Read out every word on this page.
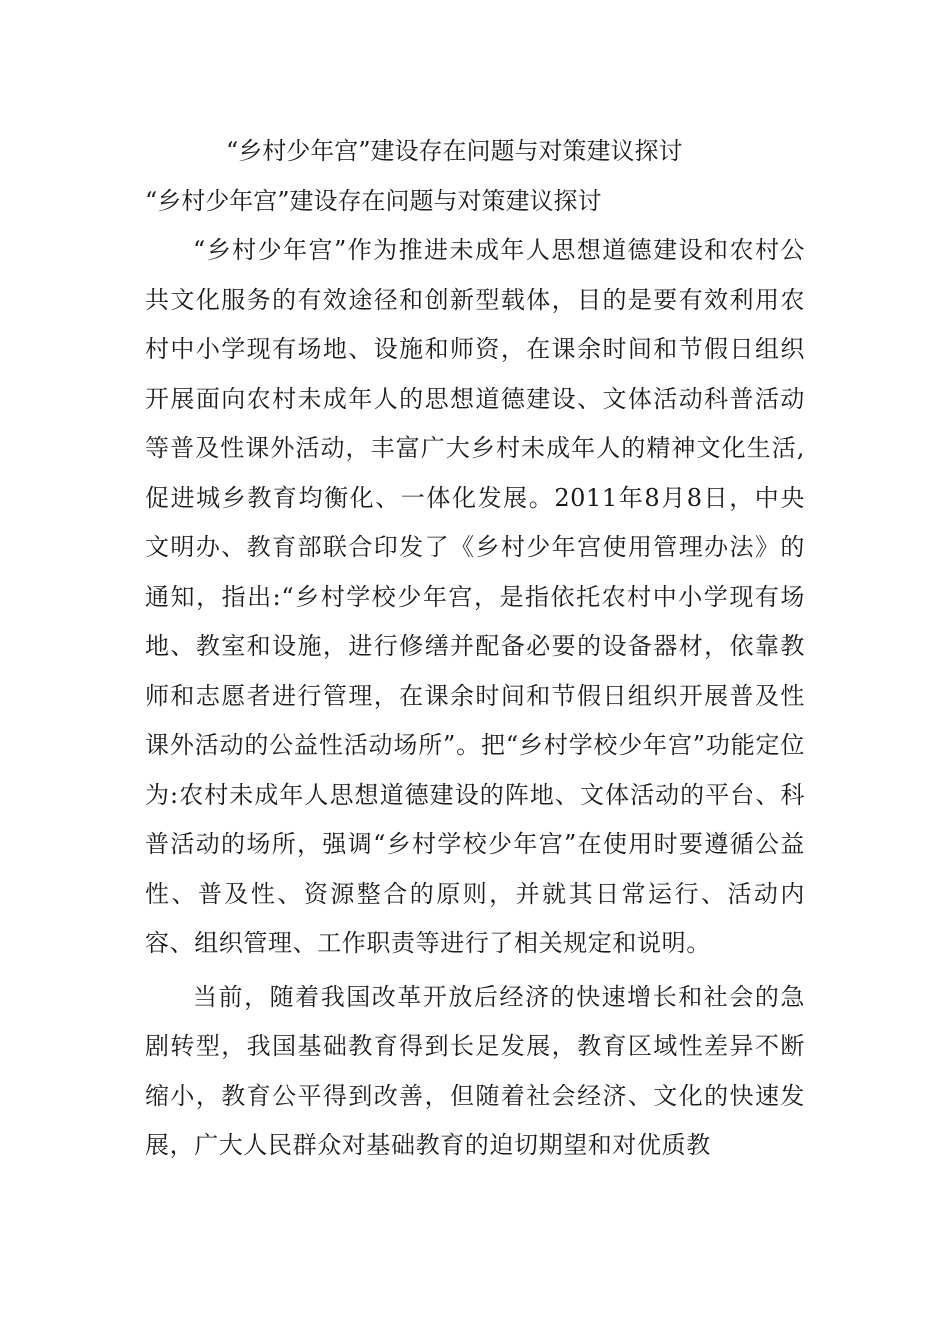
“乡村少年宫”建设存在问题与对策建议探讨
“乡村少年宫”建设存在问题与对策建议探讨

“乡村少年宫”作为推进未成年人思想道德建设和农村公共文化服务的有效途径和创新型载体，目的是要有效利用农村中小学现有场地、设施和师资，在课余时间和节假日组织开展面向农村未成年人的思想道德建设、文体活动科普活动等普及性课外活动，丰富广大乡村未成年人的精神文化生活,促进城乡教育均衡化、一体化发展。2011年8月8日，中央文明办、教育部联合印发了《乡村少年宫使用管理办法》的通知，指出:“乡村学校少年宫，是指依托农村中小学现有场地、教室和设施，进行修缮并配备必要的设备器材，依靠教师和志愿者进行管理，在课余时间和节假日组织开展普及性课外活动的公益性活动场所”。把“乡村学校少年宫”功能定位为:农村未成年人思想道德建设的阵地、文体活动的平台、科普活动的场所，强调“乡村学校少年宫”在使用时要遵循公益性、普及性、资源整合的原则，并就其日常运行、活动内容、组织管理、工作职责等进行了相关规定和说明。

当前，随着我国改革开放后经济的快速增长和社会的急剧转型，我国基础教育得到长足发展，教育区域性差异不断缩小，教育公平得到改善，但随着社会经济、文化的快速发展，广大人民群众对基础教育的迫切期望和对优质教
